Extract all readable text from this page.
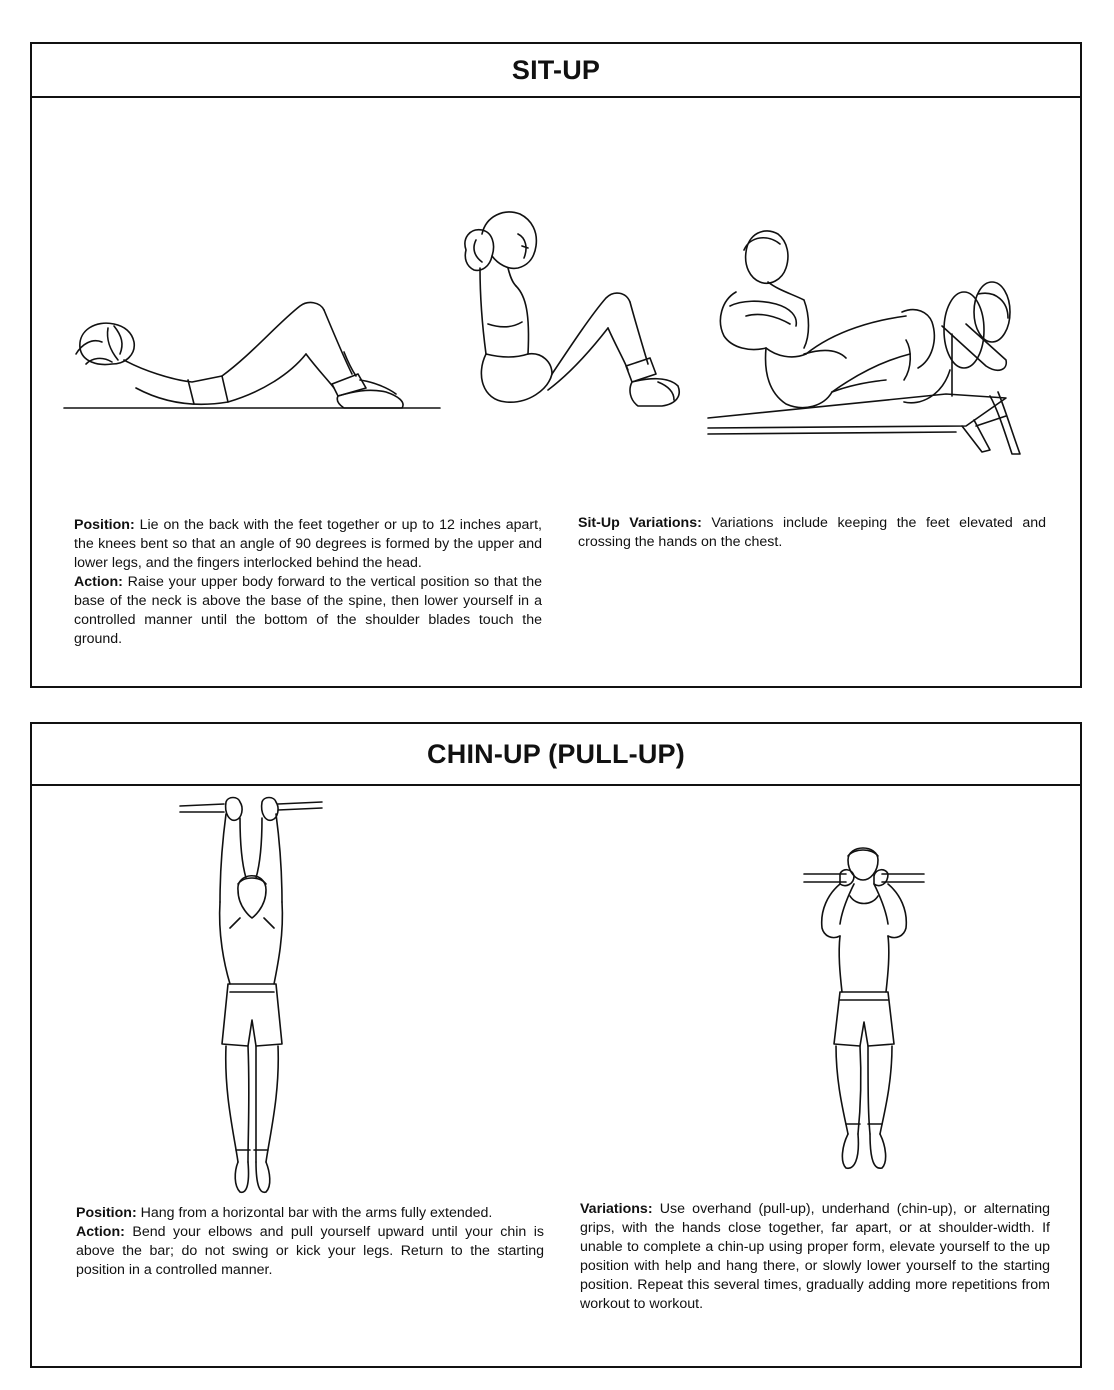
SIT-UP

Position: Lie on the back with the feet together or up to 12 inches apart, the knees bent so that an angle of 90 degrees is formed by the upper and lower legs, and the fingers interlocked behind the head.

Action: Raise your upper body forward to the vertical position so that the base of the neck is above the base of the spine, then lower yourself in a controlled manner until the bottom of the shoulder blades touch the ground.

Sit-Up Variations: Variations include keeping the feet elevated and crossing the hands on the chest.

CHIN-UP (PULL-UP)

Position: Hang from a horizontal bar with the arms fully extended.

Action: Bend your elbows and pull yourself upward until your chin is above the bar; do not swing or kick your legs. Return to the starting position in a controlled manner.

Variations: Use overhand (pull-up), underhand (chin-up), or alternating grips, with the hands close together, far apart, or at shoulder-width. If unable to complete a chin-up using proper form, elevate yourself to the up position with help and hang there, or slowly lower yourself to the starting position. Repeat this several times, gradually adding more repetitions from workout to workout.
